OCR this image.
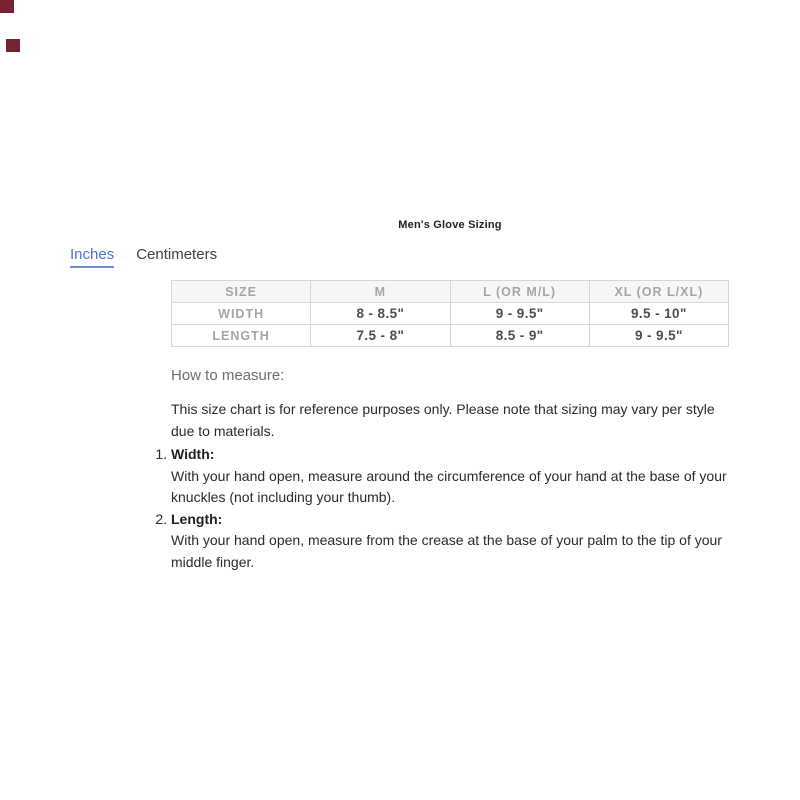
Men's Glove Sizing
Inches Centimeters
SIZE	M	L (OR M/L)	XL (OR L/XL)
WIDTH	8 - 8.5"	9 - 9.5"	9.5 - 10"
LENGTH	7.5 - 8"	8.5 - 9"	9 - 9.5"
How to measure:

This size chart is for reference purposes only. Please note that sizing may vary per style due to materials.

1. Width:
With your hand open, measure around the circumference of your hand at the base of your knuckles (not including your thumb).
2. Length:
With your hand open, measure from the crease at the base of your palm to the tip of your middle finger.
